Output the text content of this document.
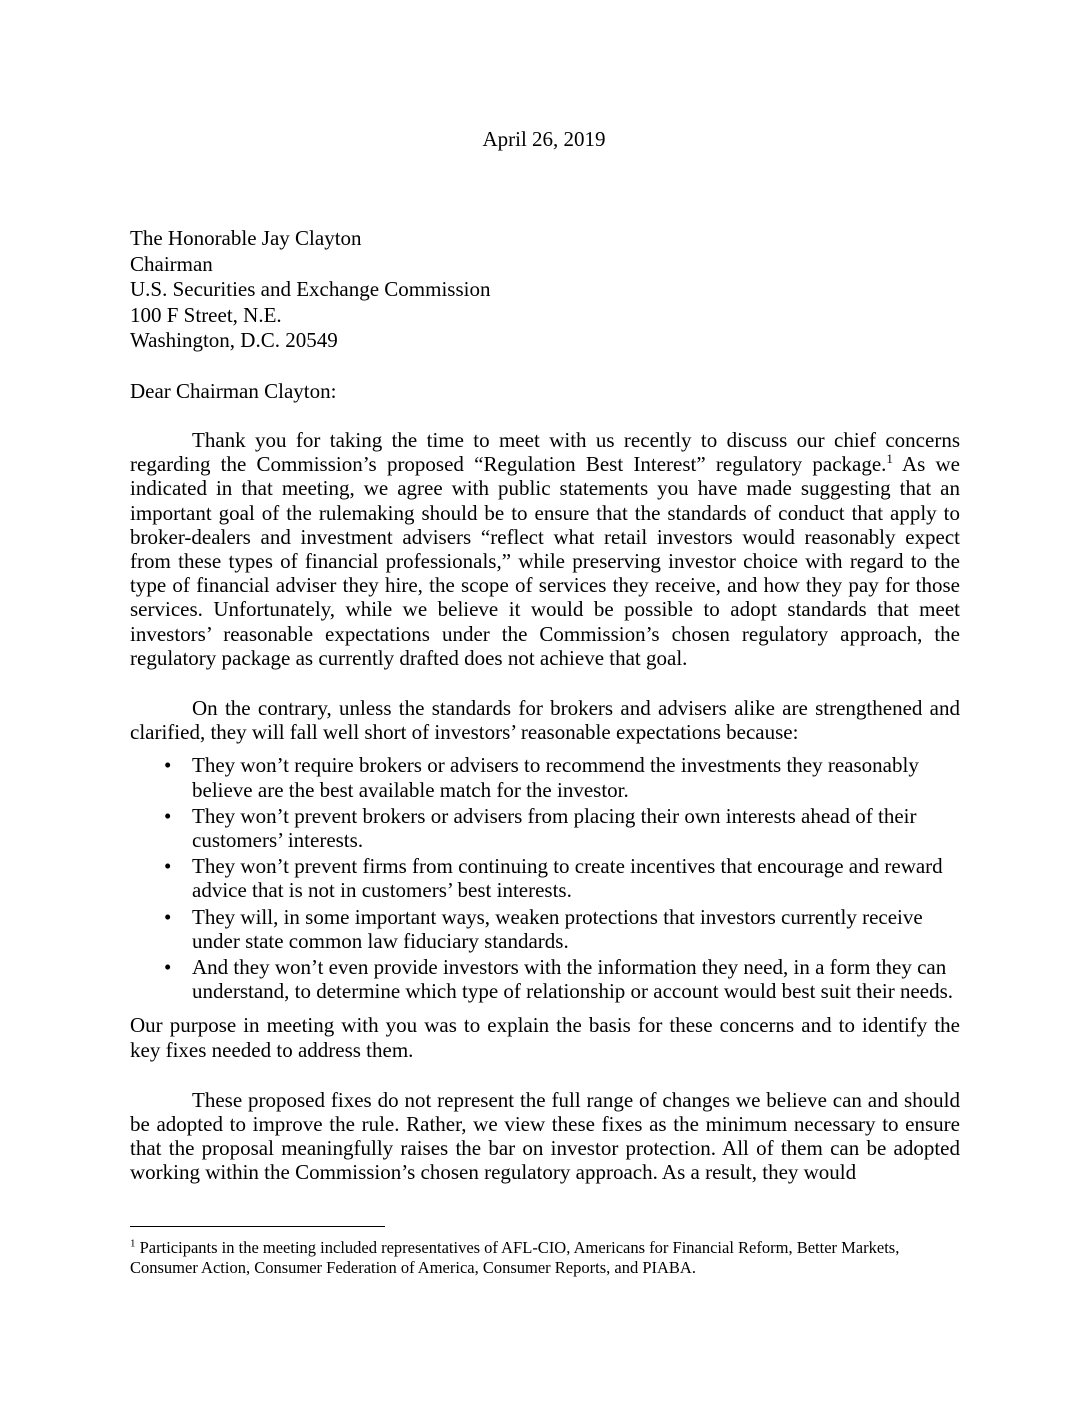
April 26, 2019
The Honorable Jay Clayton
Chairman
U.S. Securities and Exchange Commission
100 F Street, N.E.
Washington, D.C. 20549
Dear Chairman Clayton:

Thank you for taking the time to meet with us recently to discuss our chief concerns regarding the Commission’s proposed “Regulation Best Interest” regulatory package.$^1$ As we indicated in that meeting, we agree with public statements you have made suggesting that an important goal of the rulemaking should be to ensure that the standards of conduct that apply to broker-dealers and investment advisers “reflect what retail investors would reasonably expect from these types of financial professionals,” while preserving investor choice with regard to the type of financial adviser they hire, the scope of services they receive, and how they pay for those services. Unfortunately, while we believe it would be possible to adopt standards that meet investors’ reasonable expectations under the Commission’s chosen regulatory approach, the regulatory package as currently drafted does not achieve that goal.

On the contrary, unless the standards for brokers and advisers alike are strengthened and clarified, they will fall well short of investors’ reasonable expectations because:

• They won’t require brokers or advisers to recommend the investments they reasonably believe are the best available match for the investor.
• They won’t prevent brokers or advisers from placing their own interests ahead of their customers’ interests.
• They won’t prevent firms from continuing to create incentives that encourage and reward advice that is not in customers’ best interests.
• They will, in some important ways, weaken protections that investors currently receive under state common law fiduciary standards.
• And they won’t even provide investors with the information they need, in a form they can understand, to determine which type of relationship or account would best suit their needs.

Our purpose in meeting with you was to explain the basis for these concerns and to identify the key fixes needed to address them.

These proposed fixes do not represent the full range of changes we believe can and should be adopted to improve the rule. Rather, we view these fixes as the minimum necessary to ensure that the proposal meaningfully raises the bar on investor protection. All of them can be adopted working within the Commission’s chosen regulatory approach. As a result, they would

$^1$ Participants in the meeting included representatives of AFL-CIO, Americans for Financial Reform, Better Markets, Consumer Action, Consumer Federation of America, Consumer Reports, and PIABA.
